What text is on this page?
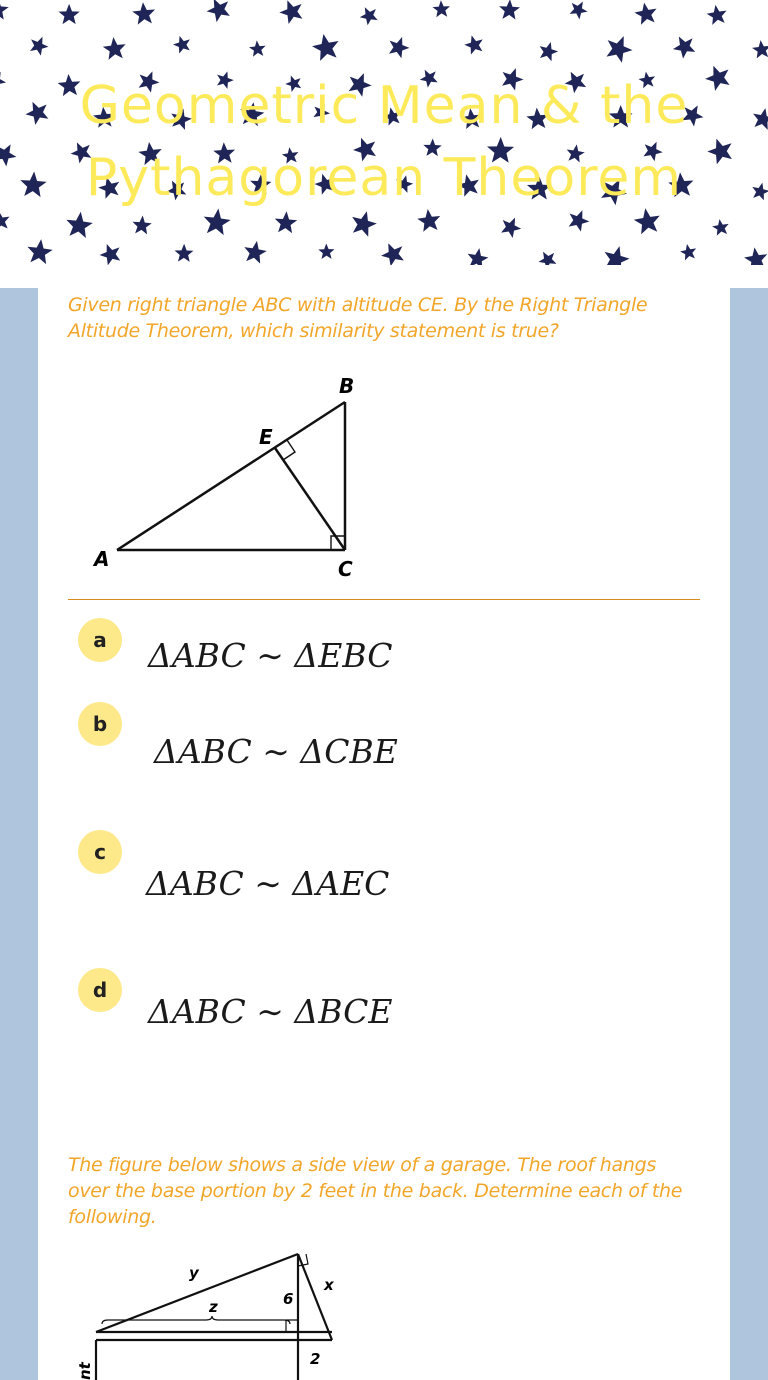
Geometric Mean & the
Pythagorean Theorem

Given right triangle ABC with altitude CE. By the Right Triangle Altitude Theorem, which similarity statement is true?

B
E
A	C
a	ΔABC ∼ ΔEBC
b
ΔABC ∼ ΔCBE
c
ΔABC ∼ ΔAEC
d
ΔABC ∼ ΔBCE

The figure below shows a side view of a garage. The roof hangs over the base portion by 2 feet in the back. Determine each of the following.

y
6
x
z
2
nt
